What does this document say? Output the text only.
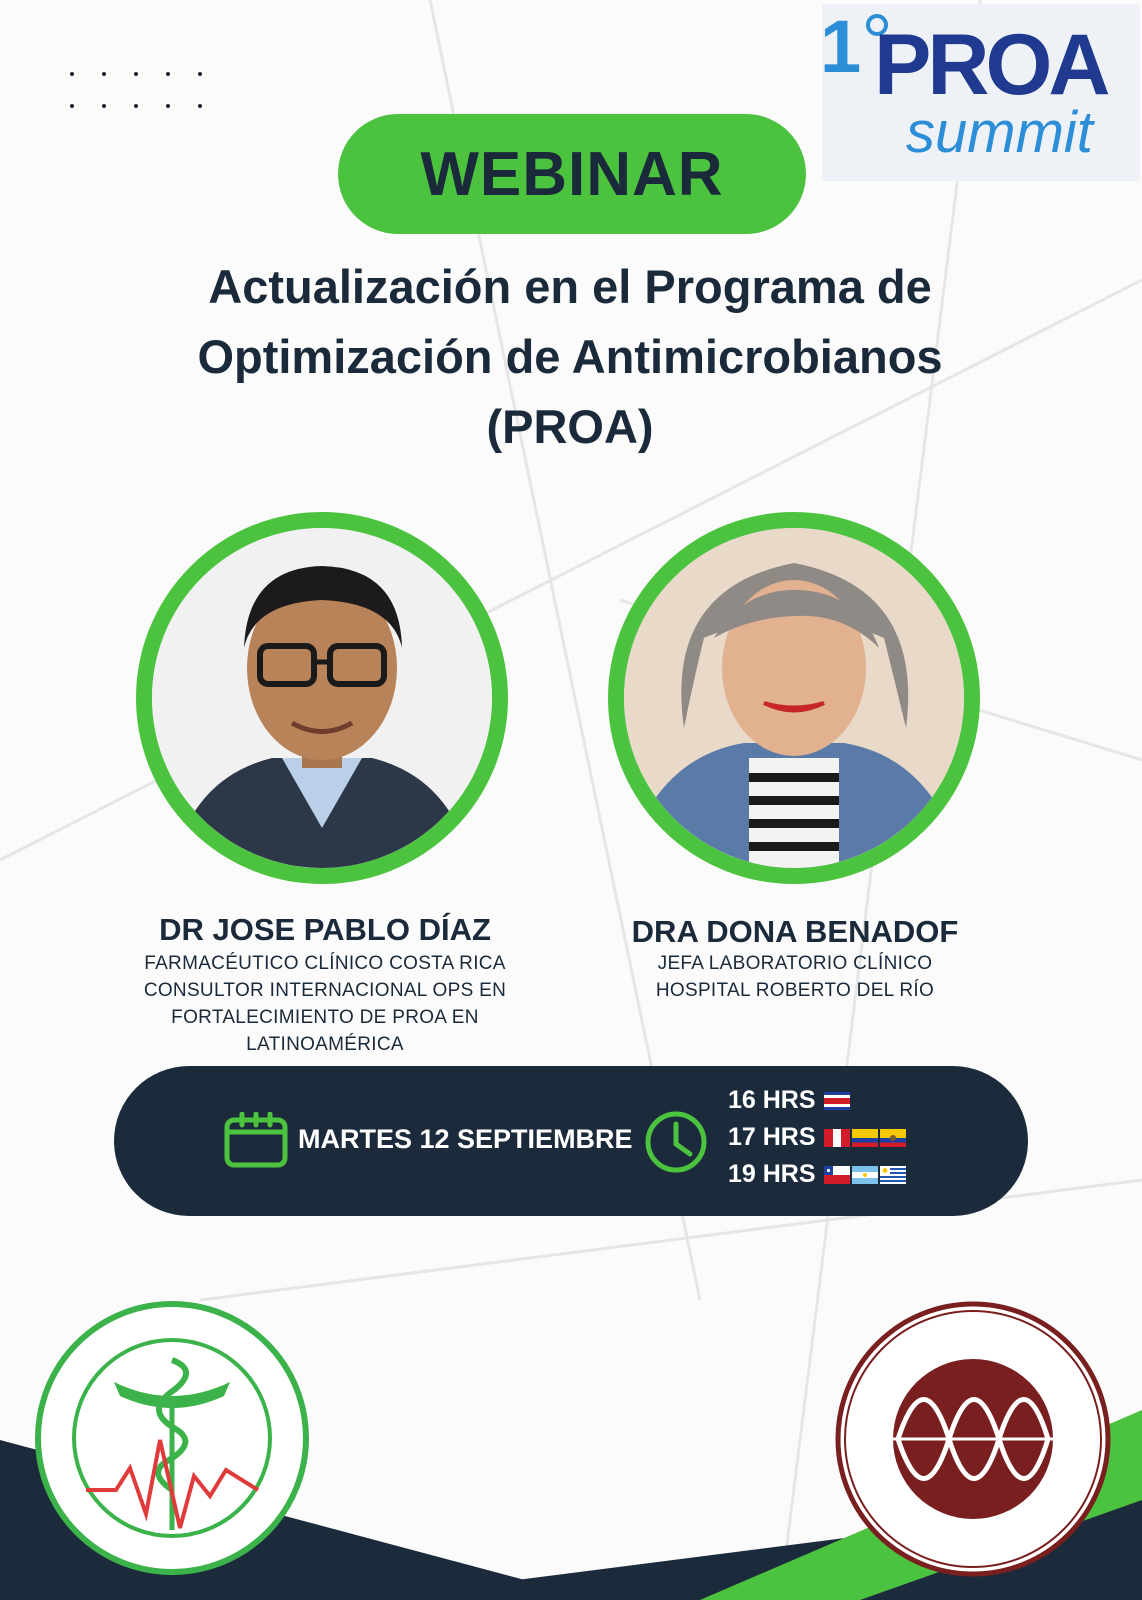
1 PROA
summit
WEBINAR
Actualización en el Programa de
Optimización de Antimicrobianos
(PROA)
DR JOSE PABLO DÍAZ
FARMACÉUTICO CLÍNICO COSTA RICA
CONSULTOR INTERNACIONAL OPS EN
FORTALECIMIENTO DE PROA EN
LATINOAMÉRICA
DRA DONA BENADOF
JEFA LABORATORIO CLÍNICO
HOSPITAL ROBERTO DEL RÍO
MARTES 12 SEPTIEMBRE
16 HRS
17 HRS
19 HRS
